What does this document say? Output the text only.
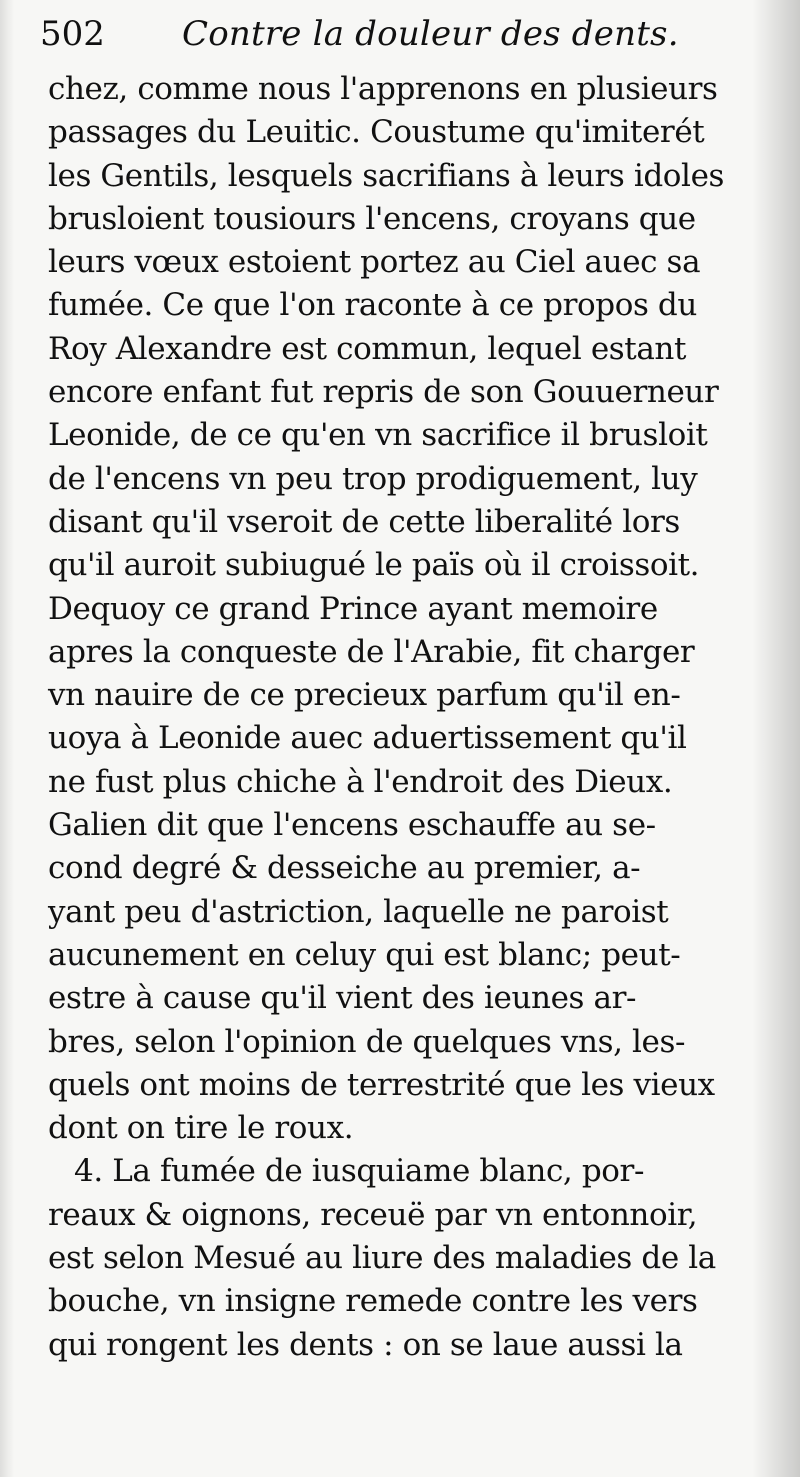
502 Contre la douleur des dents.
chez, comme nous l'apprenons en plusieurs
passages du Leuitic. Coustume qu'imiterét
les Gentils, lesquels sacrifians à leurs idoles
brusloient tousiours l'encens, croyans que
leurs vœux estoient portez au Ciel auec sa
fumée. Ce que l'on raconte à ce propos du
Roy Alexandre est commun, lequel estant
encore enfant fut repris de son Gouuerneur
Leonide, de ce qu'en vn sacrifice il brusloit
de l'encens vn peu trop prodiguement, luy
disant qu'il vseroit de cette liberalité lors
qu'il auroit subiugué le païs où il croissoit.
Dequoy ce grand Prince ayant memoire
apres la conqueste de l'Arabie, fit charger
vn nauire de ce precieux parfum qu'il en-
uoya à Leonide auec aduertissement qu'il
ne fust plus chiche à l'endroit des Dieux.
Galien dit que l'encens eschauffe au se-
cond degré & desseiche au premier, a-
yant peu d'astriction, laquelle ne paroist
aucunement en celuy qui est blanc; peut-
estre à cause qu'il vient des ieunes ar-
bres, selon l'opinion de quelques vns, les-
quels ont moins de terrestrité que les vieux
dont on tire le roux.
4. La fumée de iusquiame blanc, por-
reaux & oignons, receuë par vn entonnoir,
est selon Mesué au liure des maladies de la
bouche, vn insigne remede contre les vers
qui rongent les dents : on se laue aussi la
